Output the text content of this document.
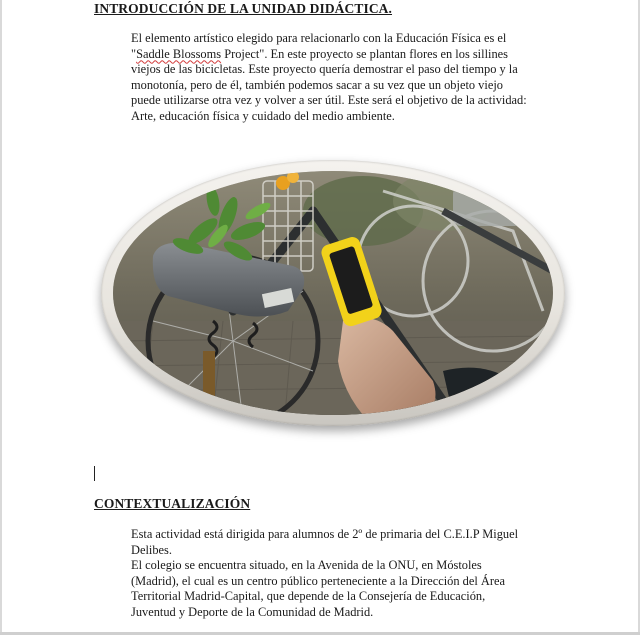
INTRODUCCIÓN DE LA UNIDAD DIDÁCTICA.
El elemento artístico elegido para relacionarlo con la Educación Física es el
"Saddle Blossoms Project". En este proyecto se plantan flores en los sillines
viejos de las bicicletas. Este proyecto quería demostrar el paso del tiempo y la
monotonía, pero de él, también podemos sacar a su vez que un objeto viejo
puede utilizarse otra vez y volver a ser útil. Este será el objetivo de la actividad:
Arte, educación física y cuidado del medio ambiente.
CONTEXTUALIZACIÓN
Esta actividad está dirigida para alumnos de 2º de primaria del C.E.I.P Miguel
Delibes.
El colegio se encuentra situado, en la Avenida de la ONU, en Móstoles
(Madrid), el cual es un centro público perteneciente a la Dirección del Área
Territorial Madrid-Capital, que depende de la Consejería de Educación,
Juventud y Deporte de la Comunidad de Madrid.
